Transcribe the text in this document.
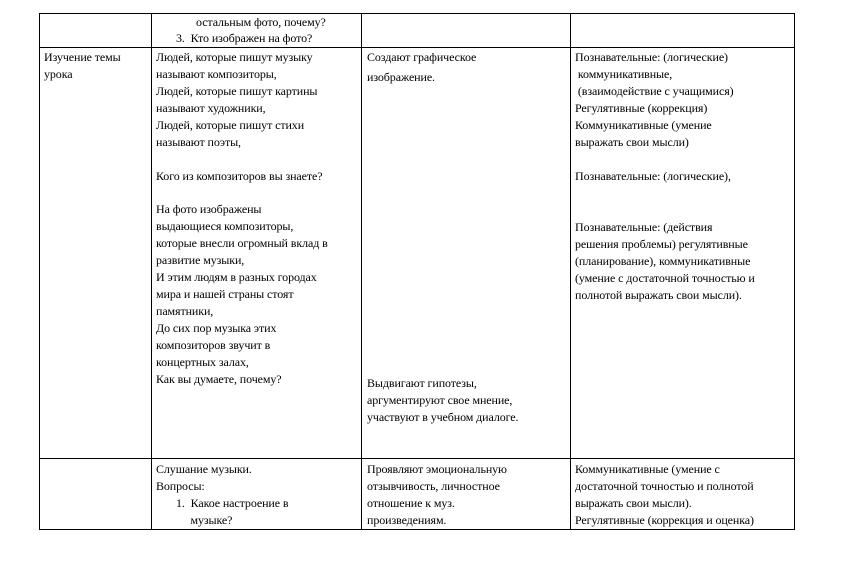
остальным фото, почему?
3.  Кто изображен на фото?
Изучение темы
урока
Людей, которые пишут музыку
называют композиторы,
Людей, которые пишут картины
называют художники,
Людей, которые пишут стихи
называют поэты,
Кого из композиторов вы знаете?
На фото изображены
выдающиеся композиторы,
которые внесли огромный вклад в
развитие музыки,
И этим людям в разных городах
мира и нашей страны стоят
памятники,
До сих пор музыка этих
композиторов звучит в
концертных залах,
Как вы думаете, почему?
Создают графическое
изображение.
Выдвигают гипотезы,
аргументируют свое мнение,
участвуют в учебном диалоге.
Познавательные: (логические)
коммуникативные,
(взаимодействие с учащимися)
Регулятивные (коррекция)
Коммуникативные (умение
выражать свои мысли)
Познавательные: (логические),
Познавательные: (действия
решения проблемы) регулятивные
(планирование), коммуникативные
(умение с достаточной точностью и
полнотой выражать свои мысли).
Слушание музыки.
Вопросы:
1.  Какое настроение в
музыке?
Проявляют эмоциональную
отзывчивость, личностное
отношение к муз.
произведениям.
Коммуникативные (умение с
достаточной точностью и полнотой
выражать свои мысли).
Регулятивные (коррекция и оценка)
